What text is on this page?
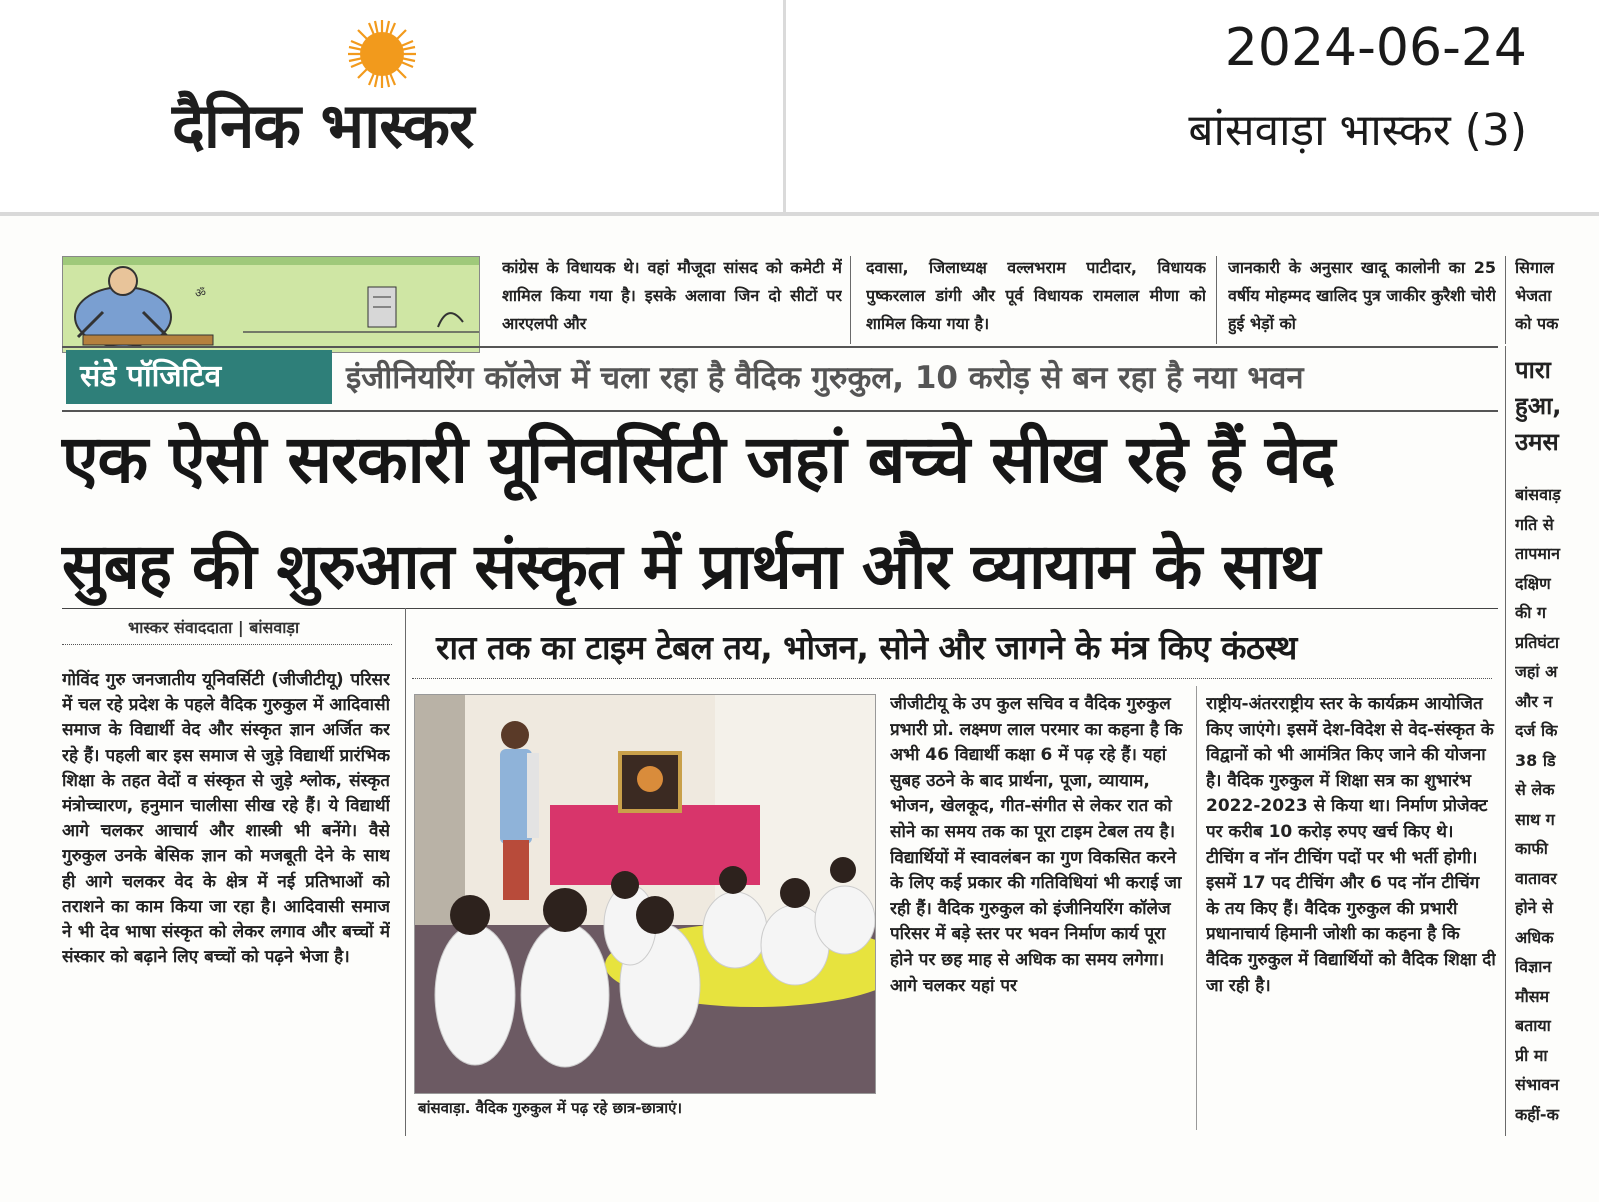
दैनिक भास्कर
2024-06-24
बांसवाड़ा भास्कर (3)
ॐ
कांग्रेस के विधायक थे। वहां मौजूदा सांसद को कमेटी में शामिल किया गया है। इसके अलावा जिन दो सीटों पर आरएलपी और
दवासा, जिलाध्यक्ष वल्लभराम पाटीदार, विधायक पुष्करलाल डांगी और पूर्व विधायक रामलाल मीणा को शामिल किया गया है।
जानकारी के अनुसार खादू कालोनी का 25 वर्षीय मोहम्मद खालिद पुत्र जाकीर कुरैशी चोरी हुई भेड़ों को
सिगाल
भेजता
को पक
संडे पॉजिटिव	इंजीनियरिंग कॉलेज में चला रहा है वैदिक गुरुकुल, 10 करोड़ से बन रहा है नया भवन
एक ऐसी सरकारी यूनिवर्सिटी जहां बच्चे सीख रहे हैं वेद
सुबह की शुरुआत संस्कृत में प्रार्थना और व्यायाम के साथ
भास्कर संवाददाता | बांसवाड़ा
रात तक का टाइम टेबल तय, भोजन, सोने और जागने के मंत्र किए कंठस्थ
गोविंद गुरु जनजातीय यूनिवर्सिटी (जीजीटीयू) परिसर में चल रहे प्रदेश के पहले वैदिक गुरुकुल में आदिवासी समाज के विद्यार्थी वेद और संस्कृत ज्ञान अर्जित कर रहे हैं। पहली बार इस समाज से जुड़े विद्यार्थी प्रारंभिक शिक्षा के तहत वेदों व संस्कृत से जुड़े श्लोक, संस्कृत मंत्रोच्चारण, हनुमान चालीसा सीख रहे हैं। ये विद्यार्थी आगे चलकर आचार्य और शास्त्री भी बनेंगे। वैसे गुरुकुल उनके बेसिक ज्ञान को मजबूती देने के साथ ही आगे चलकर वेद के क्षेत्र में नई प्रतिभाओं को तराशने का काम किया जा रहा है। आदिवासी समाज ने भी देव भाषा संस्कृत को लेकर लगाव और बच्चों में संस्कार को बढ़ाने लिए बच्चों को पढ़ने भेजा है।
बांसवाड़ा. वैदिक गुरुकुल में पढ़ रहे छात्र-छात्राएं।
जीजीटीयू के उप कुल सचिव व वैदिक गुरुकुल प्रभारी प्रो. लक्ष्मण लाल परमार का कहना है कि अभी 46 विद्यार्थी कक्षा 6 में पढ़ रहे हैं। यहां सुबह उठने के बाद प्रार्थना, पूजा, व्यायाम, भोजन, खेलकूद, गीत-संगीत से लेकर रात को सोने का समय तक का पूरा टाइम टेबल तय है। विद्यार्थियों में स्वावलंबन का गुण विकसित करने के लिए कई प्रकार की गतिविधियां भी कराई जा रही हैं। वैदिक गुरुकुल को इंजीनियरिंग कॉलेज परिसर में बड़े स्तर पर भवन निर्माण कार्य पूरा होने पर छह माह से अधिक का समय लगेगा। आगे चलकर यहां पर
राष्ट्रीय-अंतरराष्ट्रीय स्तर के कार्यक्रम आयोजित किए जाएंगे। इसमें देश-विदेश से वेद-संस्कृत के विद्वानों को भी आमंत्रित किए जाने की योजना है। वैदिक गुरुकुल में शिक्षा सत्र का शुभारंभ 2022-2023 से किया था। निर्माण प्रोजेक्ट पर करीब 10 करोड़ रुपए खर्च किए थे। टीचिंग व नॉन टीचिंग पदों पर भी भर्ती होगी। इसमें 17 पद टीचिंग और 6 पद नॉन टीचिंग के तय किए हैं। वैदिक गुरुकुल की प्रभारी प्रधानाचार्य हिमानी जोशी का कहना है कि वैदिक गुरुकुल में विद्यार्थियों को वैदिक शिक्षा दी जा रही है।
पारा
हुआ,
उमस
बांसवाड़
गति से
तापमान
दक्षिण
की ग
प्रतिघंटा
जहां अ
और न
दर्ज कि
38 डि
से लेक
साथ ग
काफी
वातावर
होने से
अधिक
विज्ञान
मौसम
बताया
प्री मा
संभावन
कहीं-क
